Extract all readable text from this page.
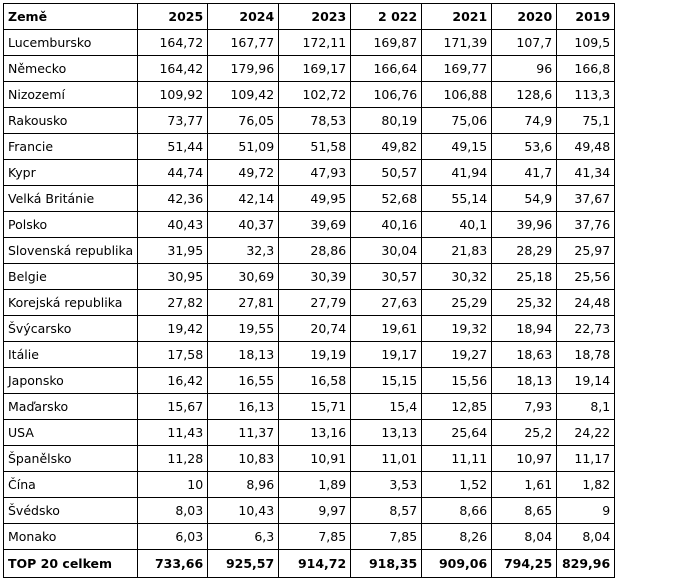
Země	2025	2024	2023	2 022	2021	2020	2019
Lucembursko	164,72	167,77	172,11	169,87	171,39	107,7	109,5
Německo	164,42	179,96	169,17	166,64	169,77	96	166,8
Nizozemí	109,92	109,42	102,72	106,76	106,88	128,6	113,3
Rakousko	73,77	76,05	78,53	80,19	75,06	74,9	75,1
Francie	51,44	51,09	51,58	49,82	49,15	53,6	49,48
Kypr	44,74	49,72	47,93	50,57	41,94	41,7	41,34
Velká Británie	42,36	42,14	49,95	52,68	55,14	54,9	37,67
Polsko	40,43	40,37	39,69	40,16	40,1	39,96	37,76
Slovenská republika	31,95	32,3	28,86	30,04	21,83	28,29	25,97
Belgie	30,95	30,69	30,39	30,57	30,32	25,18	25,56
Korejská republika	27,82	27,81	27,79	27,63	25,29	25,32	24,48
Švýcarsko	19,42	19,55	20,74	19,61	19,32	18,94	22,73
Itálie	17,58	18,13	19,19	19,17	19,27	18,63	18,78
Japonsko	16,42	16,55	16,58	15,15	15,56	18,13	19,14
Maďarsko	15,67	16,13	15,71	15,4	12,85	7,93	8,1
USA	11,43	11,37	13,16	13,13	25,64	25,2	24,22
Španělsko	11,28	10,83	10,91	11,01	11,11	10,97	11,17
Čína	10	8,96	1,89	3,53	1,52	1,61	1,82
Švédsko	8,03	10,43	9,97	8,57	8,66	8,65	9
Monako	6,03	6,3	7,85	7,85	8,26	8,04	8,04
TOP 20 celkem	733,66	925,57	914,72	918,35	909,06	794,25	829,96
